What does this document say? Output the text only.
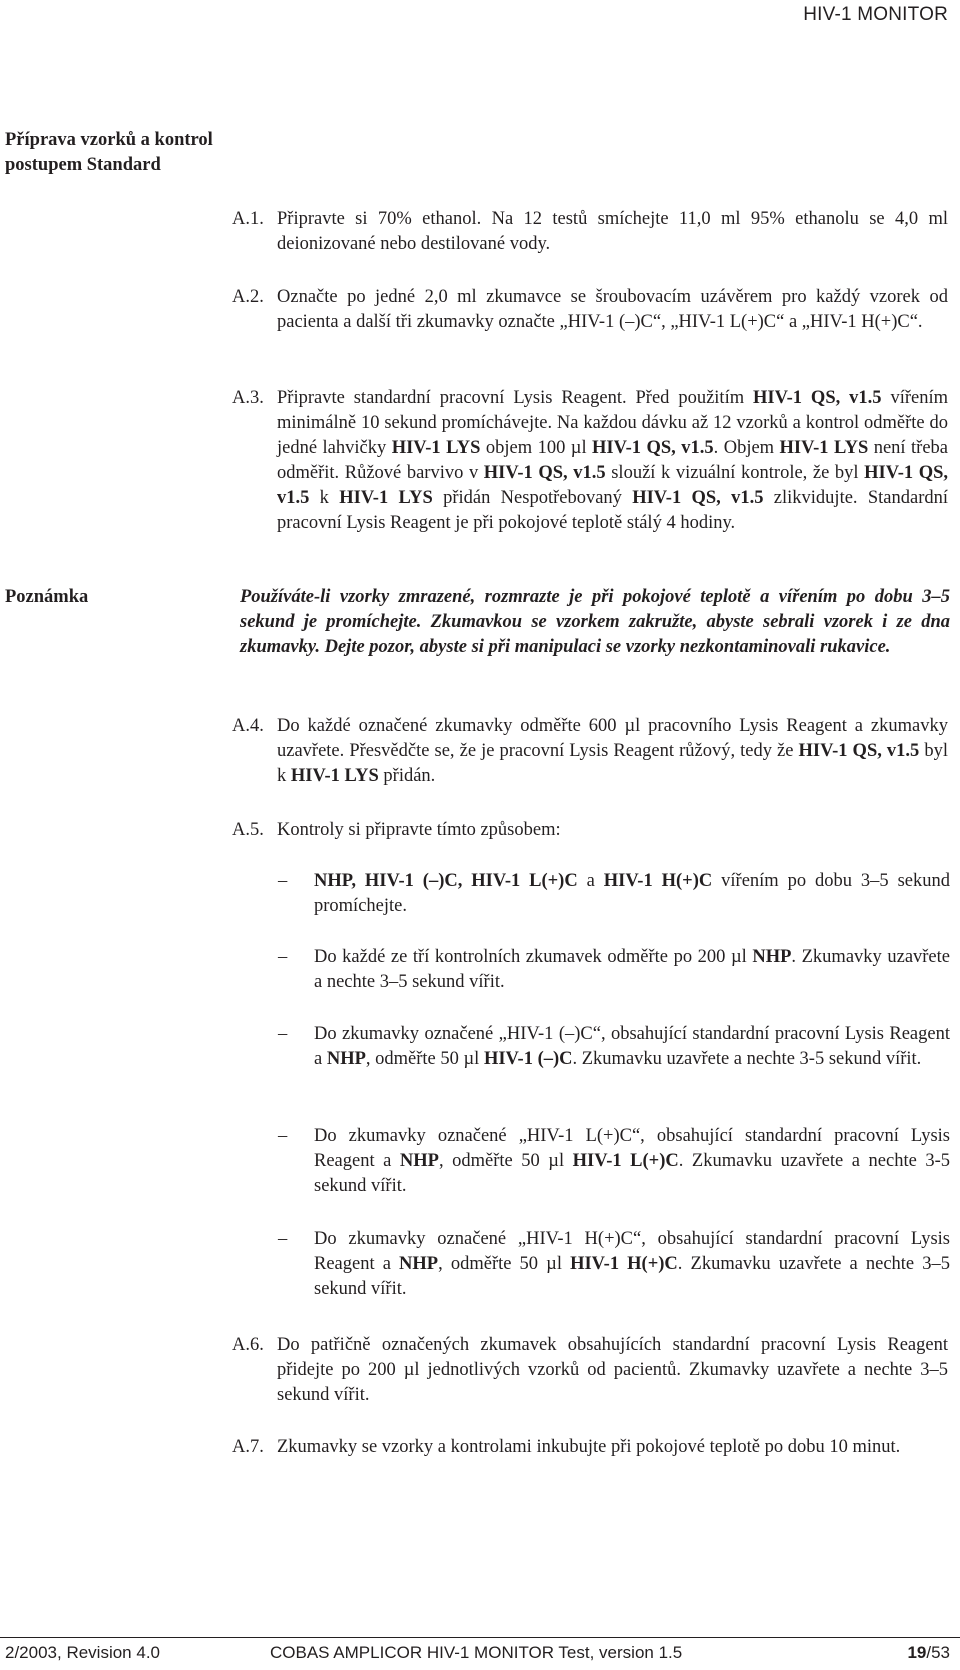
HIV-1 MONITOR
Příprava vzorků a kontrol
postupem Standard
A.1. Připravte si 70% ethanol. Na 12 testů smíchejte 11,0 ml 95% ethanolu se 4,0 ml deionizované nebo destilované vody.
A.2. Označte po jedné 2,0 ml zkumavce se šroubovacím uzávěrem pro každý vzorek od pacienta a další tři zkumavky označte „HIV-1 (–)C“, „HIV-1 L(+)C“ a „HIV-1 H(+)C“.
A.3. Připravte standardní pracovní Lysis Reagent. Před použitím HIV-1 QS, v1.5 vířením minimálně 10 sekund promíchávejte. Na každou dávku až 12 vzorků a kontrol odměřte do jedné lahvičky HIV-1 LYS objem 100 µl HIV-1 QS, v1.5. Objem HIV-1 LYS není třeba odměřit. Růžové barvivo v HIV-1 QS, v1.5 slouží k vizuální kontrole, že byl HIV-1 QS, v1.5 k HIV-1 LYS přidán Nespotřebovaný HIV-1 QS, v1.5 zlikvidujte. Standardní pracovní Lysis Reagent je při pokojové teplotě stálý 4 hodiny.
Poznámka	Používáte-li vzorky zmrazené, rozmrazte je při pokojové teplotě a vířením po dobu 3–5 sekund je promíchejte. Zkumavkou se vzorkem zakružte, abyste sebrali vzorek i ze dna zkumavky. Dejte pozor, abyste si při manipulaci se vzorky nezkontaminovali rukavice.
A.4. Do každé označené zkumavky odměřte 600 µl pracovního Lysis Reagent a zkumavky uzavřete. Přesvědčte se, že je pracovní Lysis Reagent růžový, tedy že HIV-1 QS, v1.5 byl k HIV-1 LYS přidán.
A.5. Kontroly si připravte tímto způsobem:
– NHP, HIV-1 (–)C, HIV-1 L(+)C a HIV-1 H(+)C vířením po dobu 3–5 sekund promíchejte.
– Do každé ze tří kontrolních zkumavek odměřte po 200 µl NHP. Zkumavky uzavřete a nechte 3–5 sekund vířit.
– Do zkumavky označené „HIV-1 (–)C“, obsahující standardní pracovní Lysis Reagent a NHP, odměřte 50 µl HIV-1 (–)C. Zkumavku uzavřete a nechte 3-5 sekund vířit.
– Do zkumavky označené „HIV-1 L(+)C“, obsahující standardní pracovní Lysis Reagent a NHP, odměřte 50 µl HIV-1 L(+)C. Zkumavku uzavřete a nechte 3-5 sekund vířit.
– Do zkumavky označené „HIV-1 H(+)C“, obsahující standardní pracovní Lysis Reagent a NHP, odměřte 50 µl HIV-1 H(+)C. Zkumavku uzavřete a nechte 3–5 sekund vířit.
A.6. Do patřičně označených zkumavek obsahujících standardní pracovní Lysis Reagent přidejte po 200 µl jednotlivých vzorků od pacientů. Zkumavky uzavřete a nechte 3–5 sekund vířit.
A.7. Zkumavky se vzorky a kontrolami inkubujte při pokojové teplotě po dobu 10 minut.
2/2003, Revision 4.0	COBAS AMPLICOR HIV-1 MONITOR Test, version 1.5	19/53
